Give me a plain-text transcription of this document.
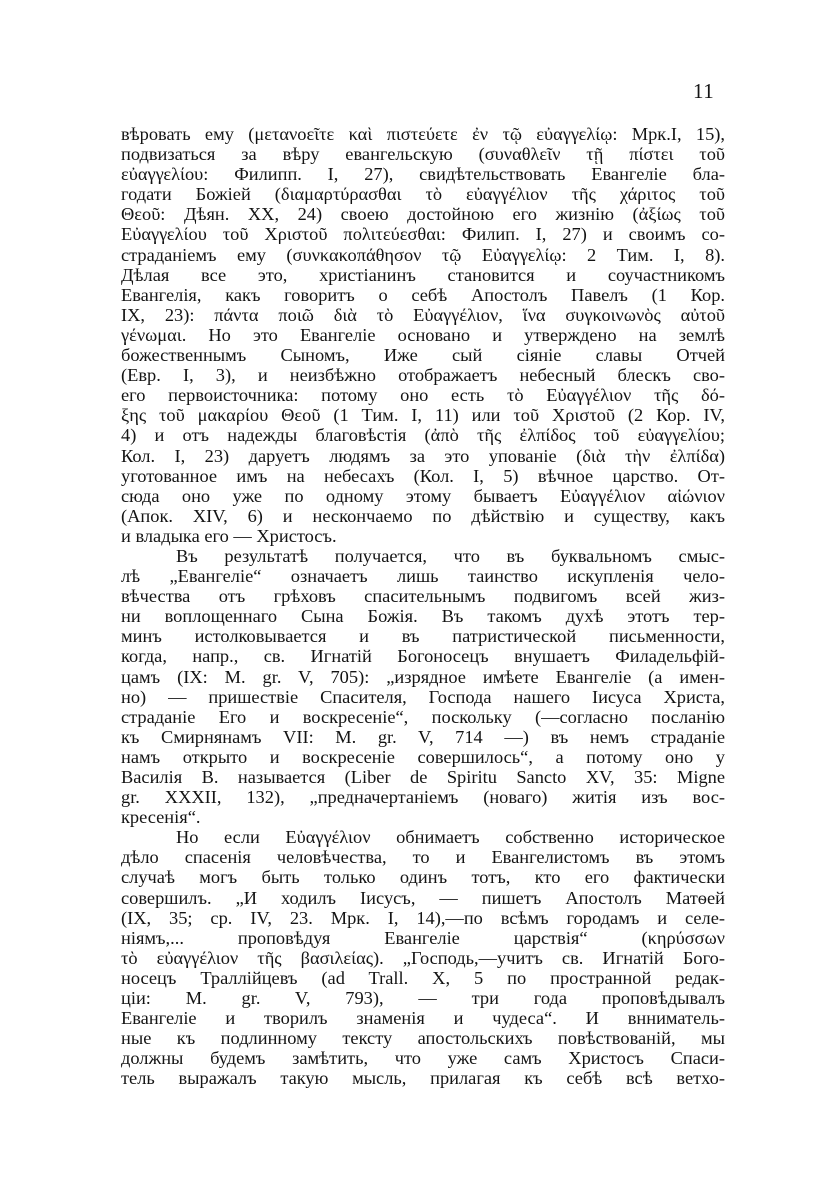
11
вѣровать ему (μετανοεῖτε καὶ πιστεύετε ἐν τῷ εὐαγγελίῳ: Мрк.I, 15),
подвизаться за вѣру евангельскую (συναθλεῖν τῇ πίστει τοῦ
εὐαγγελίου: Филипп. I, 27), свидѣтельствовать Евангеліе бла-
годати Божіей (διαμαρτύρασθαι τὸ εὐαγγέλιον τῆς χάριτος τοῦ
Θεοῦ: Дѣян. XX, 24) своею достойною его жизнію (ἀξίως τοῦ
Εὐαγγελίου τοῦ Χριστοῦ πολιτεύεσθαι: Филип. I, 27) и своимъ со-
страданіемъ ему (συνκακοπάθησον τῷ Εὐαγγελίῳ: 2 Тим. I, 8).
Дѣлая все это, христіанинъ становится и соучастникомъ
Евангелія, какъ говоритъ о себѣ Апостолъ Павелъ (1 Кор.
IX, 23): πάντα ποιῶ διὰ τὸ Εὐαγγέλιον, ἵνα συγκοινωνὸς αὐτοῦ
γένωμαι. Но это Евангеліе основано и утверждено на землѣ
божественнымъ Сыномъ, Иже сый сіяніе славы Отчей
(Евр. I, 3), и неизбѣжно отображаетъ небесный блескъ сво-
его первоисточника: потому оно есть τὸ Εὐαγγέλιον τῆς δό-
ξης τοῦ μακαρίου Θεοῦ (1 Тим. I, 11) или τοῦ Χριστοῦ (2 Кор. IV,
4) и отъ надежды благовѣстія (ἀπὸ τῆς ἐλπίδος τοῦ εὐαγγελίου;
Кол. I, 23) даруетъ людямъ за это упованіе (διὰ τὴν ἐλπίδα)
уготованное имъ на небесахъ (Кол. I, 5) вѣчное царство. От-
сюда оно уже по одному этому бываетъ Εὐαγγέλιον αἰώνιον
(Апок. XIV, 6) и нескончаемо по дѣйствію и существу, какъ
и владыка его — Христосъ.
Въ результатѣ получается, что въ буквальномъ смыс-
лѣ „Евангеліе“ означаетъ лишь таинство искупленія чело-
вѣчества отъ грѣховъ спасительнымъ подвигомъ всей жиз-
ни воплощеннаго Сына Божія. Въ такомъ духѣ этотъ тер-
минъ истолковывается и въ патристической письменности,
когда, напр., св. Игнатій Богоносецъ внушаетъ Филадельфій-
цамъ (IX: M. gr. V, 705): „изрядное имѣете Евангеліе (а имен-
но) — пришествіе Спасителя, Господа нашего Іисуса Христа,
страданіе Его и воскресеніе“, поскольку (—согласно посланію
къ Смирнянамъ VII: M. gr. V, 714 —) въ немъ страданіе
намъ открыто и воскресеніе совершилось“, а потому оно у
Василія В. называется (Liber de Spiritu Sancto XV, 35: Migne
gr. XXXII, 132), „предначертаніемъ (новаго) житія изъ вос-
кресенія“.
Но если Εὐαγγέλιον обнимаетъ собственно историческое
дѣло спасенія человѣчества, то и Евангелистомъ въ этомъ
случаѣ могъ быть только одинъ тотъ, кто его фактически
совершилъ. „И ходилъ Іисусъ, — пишетъ Апостолъ Матѳей
(IX, 35; ср. IV, 23. Мрк. I, 14),—по всѣмъ городамъ и селе-
ніямъ,... проповѣдуя Евангеліе царствія“ (κηρύσσων
τὸ εὐαγγέλιον τῆς βασιλείας). „Господь,—учитъ св. Игнатій Бого-
носецъ Траллійцевъ (ad Trall. X, 5 по пространной редак-
ціи: M. gr. V, 793), — три года проповѣдывалъ
Евангеліе и творилъ знаменія и чудеса“. И внниматель-
ные къ подлинному тексту апостольскихъ повѣствованій, мы
должны будемъ замѣтить, что уже самъ Христосъ Спаси-
тель выражалъ такую мысль, прилагая къ себѣ всѣ ветхо-
